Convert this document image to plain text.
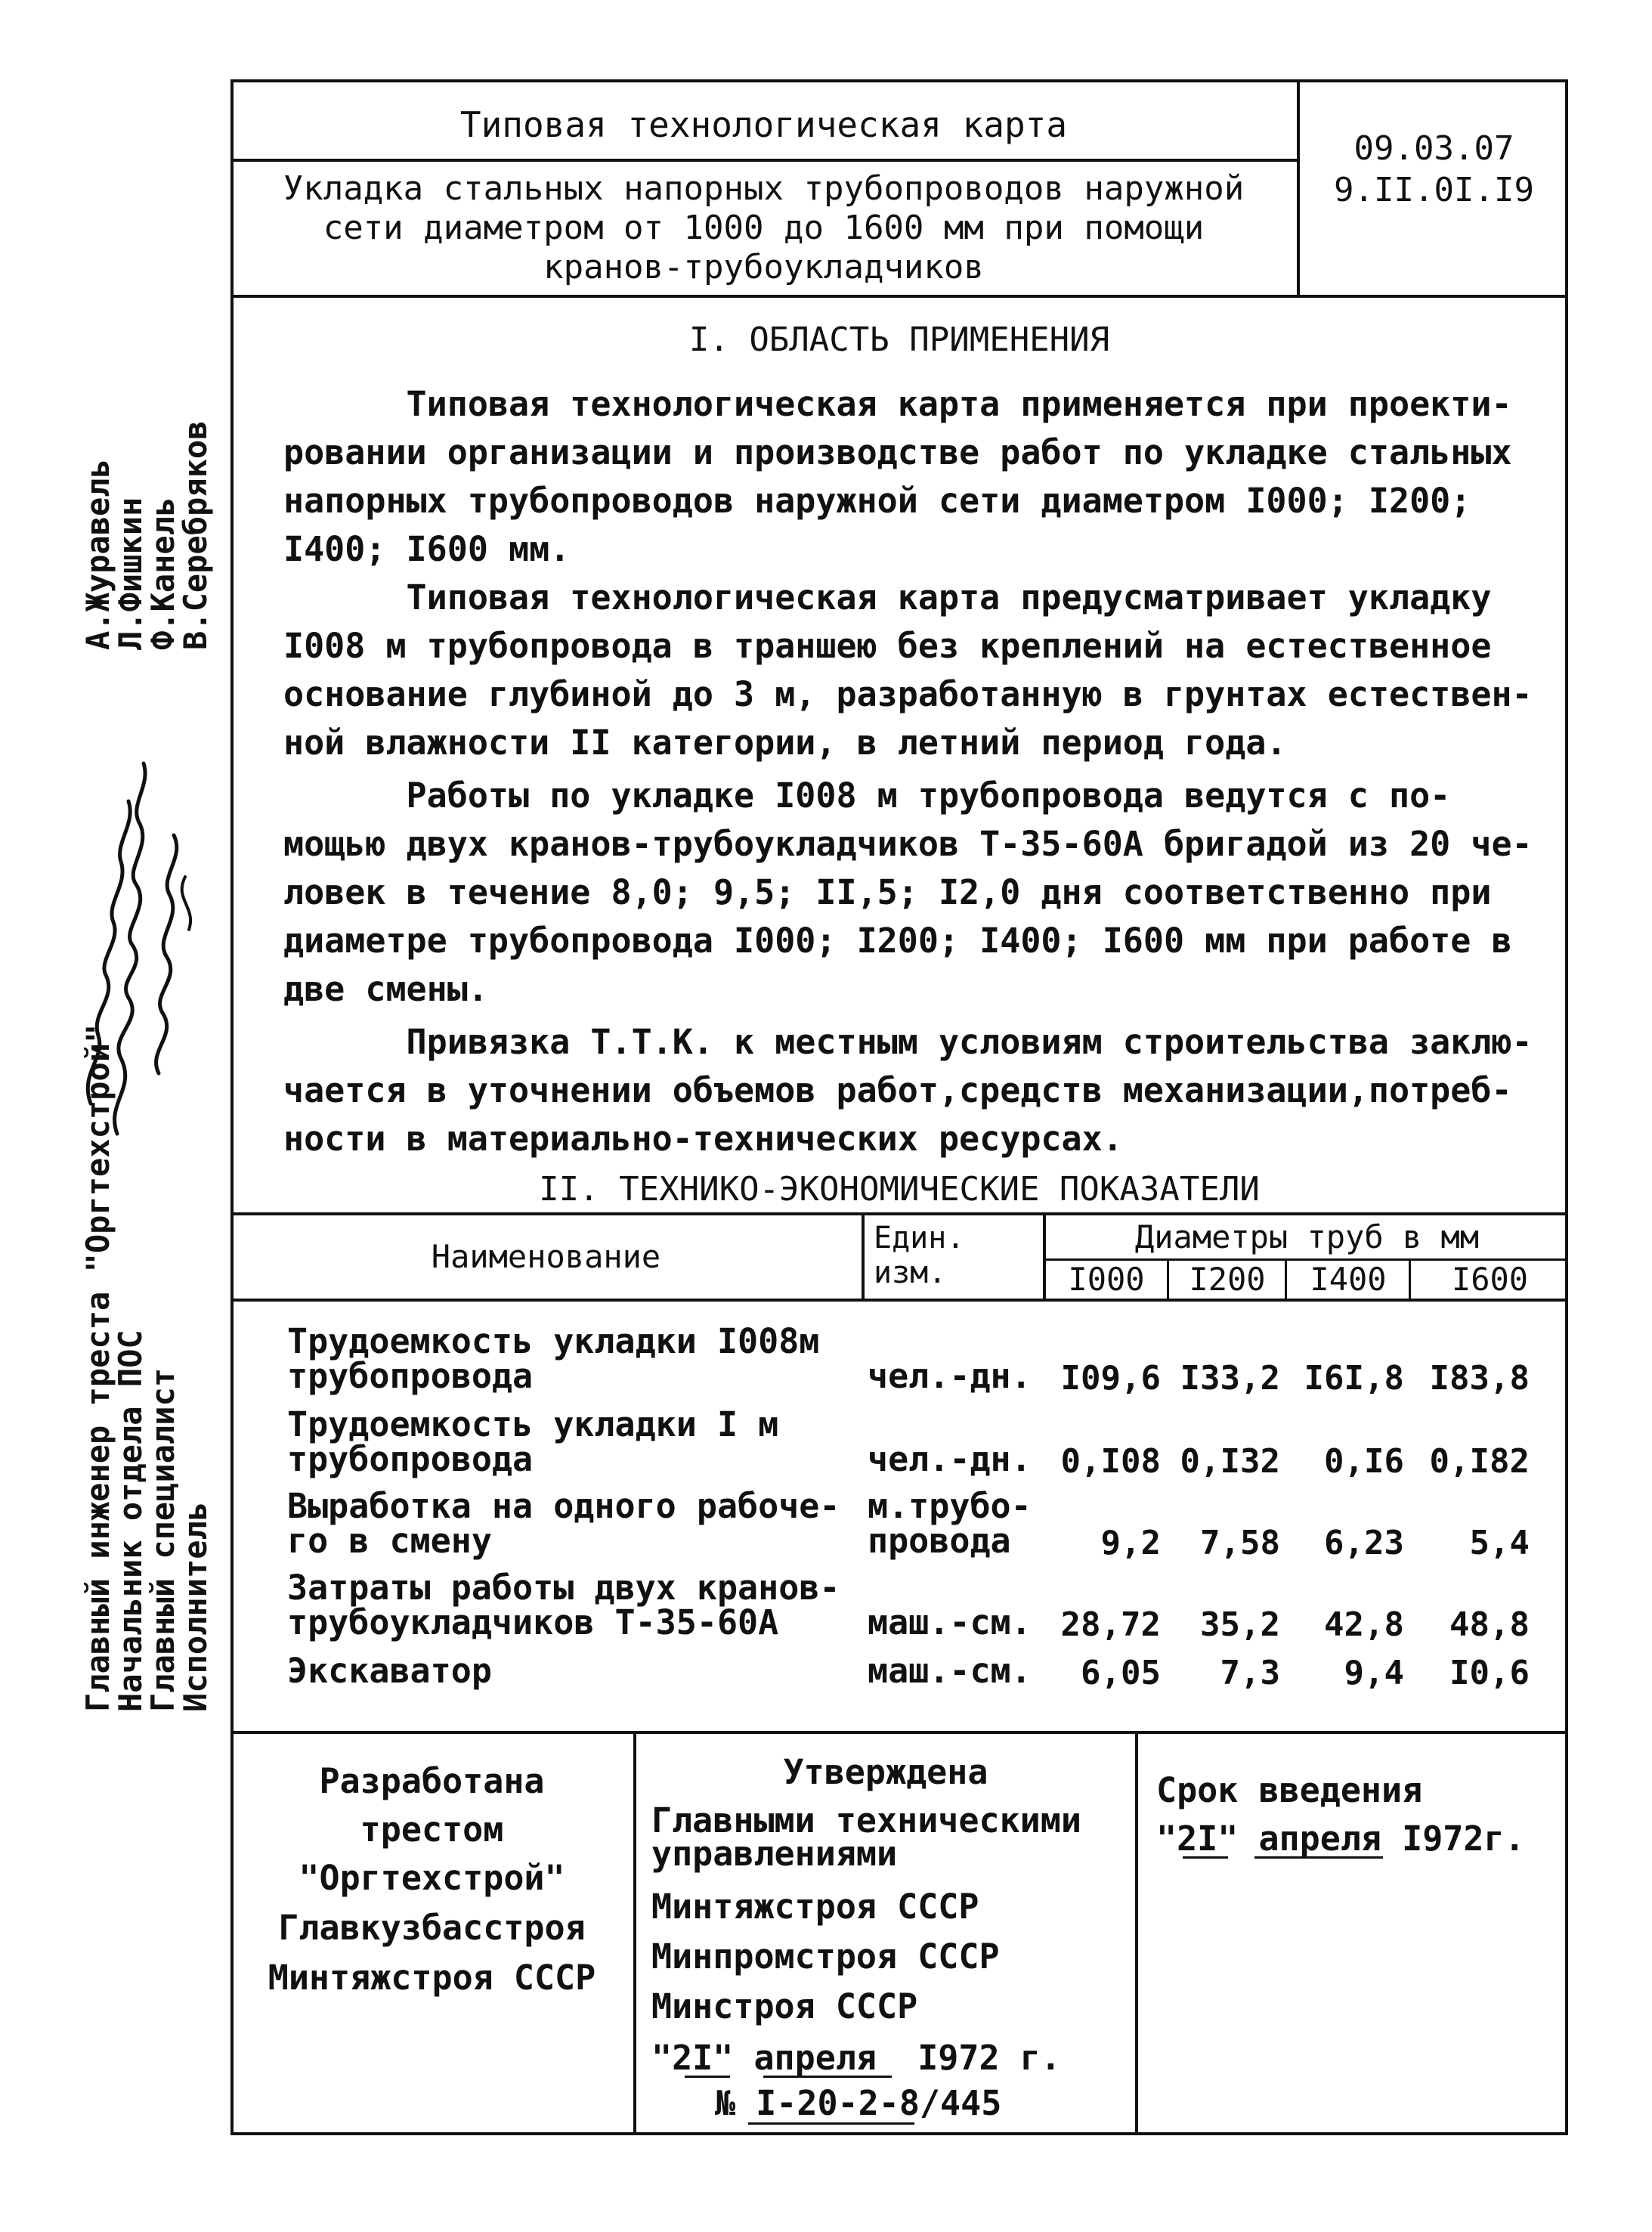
Типовая технологическая карта
Укладка стальных напорных трубопроводов наружной
сети диаметром от 1000 до 1600 мм при помощи
кранов-трубоукладчиков
09.03.07
9.II.0I.I9
I. ОБЛАСТЬ ПРИМЕНЕНИЯ
Типовая технологическая карта применяется при проекти-
ровании организации и производстве работ по укладке стальных
напорных трубопроводов наружной сети диаметром I000; I200;
I400; I600 мм.
Типовая технологическая карта предусматривает укладку
I008 м трубопровода в траншею без креплений на естественное
основание глубиной до 3 м, разработанную в грунтах естествен-
ной влажности II категории, в летний период года.
Работы по укладке I008 м трубопровода ведутся с по-
мощью двух кранов-трубоукладчиков Т-35-60А бригадой из 20 че-
ловек в течение 8,0; 9,5; II,5; I2,0 дня соответственно при
диаметре трубопровода I000; I200; I400; I600 мм при работе в
две смены.
Привязка Т.Т.К. к местным условиям строительства заклю-
чается в уточнении объемов работ,средств механизации,потреб-
ности в материально-технических ресурсах.
II. ТЕХНИКО-ЭКОНОМИЧЕСКИЕ ПОКАЗАТЕЛИ
Наименование	Един.
изм.
Диаметры труб в мм
I000	I200	I400	I600
Трудоемкость укладки I008м
трубопровода	чел.-дн. I09,6 I33,2 I6I,8 I83,8
Трудоемкость укладки I м
трубопровода	чел.-дн. 0,I08 0,I32	0,I6 0,I82
Выработка на одного рабоче-
го в смену
м.трубо-
провода	9,2	7,58	6,23	5,4
Затраты работы двух кранов-
трубоукладчиков Т-35-60А	маш.-см. 28,72	35,2	42,8	48,8
Экскаватор	маш.-см.	6,05	7,3	9,4	I0,6
Разработана
трестом
"Оргтехстрой"
Главкузбасстроя
Минтяжстроя СССР
Утверждена
Главными техническими
управлениями
Минтяжстроя СССР
Минпромстроя СССР
Минстроя СССР
"2I" апреля  I972 г.
№ I-20-2-8/445
Срок введения
"2I" апреля I972г.
Главный инженер треста "Оргтехстрой"
Начальник отдела ПОС
Главный специалист
Исполнитель
А.Журавель
Л.Фишкин
Ф.Канель
В.Серебряков
